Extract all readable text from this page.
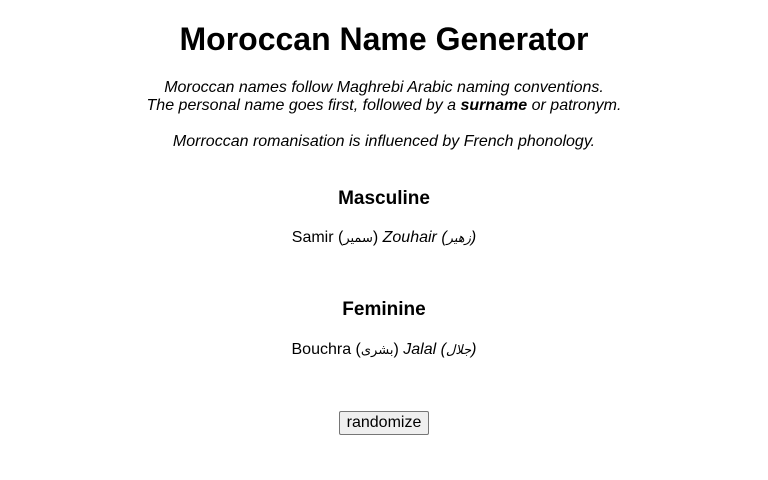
Moroccan Name Generator
Moroccan names follow Maghrebi Arabic naming conventions.
The personal name goes first, followed by a surname or patronym.
Morroccan romanisation is influenced by French phonology.
Masculine
Samir (سمير) Zouhair (زهير)
Feminine
Bouchra (بشرى) Jalal (جلال)
randomize
